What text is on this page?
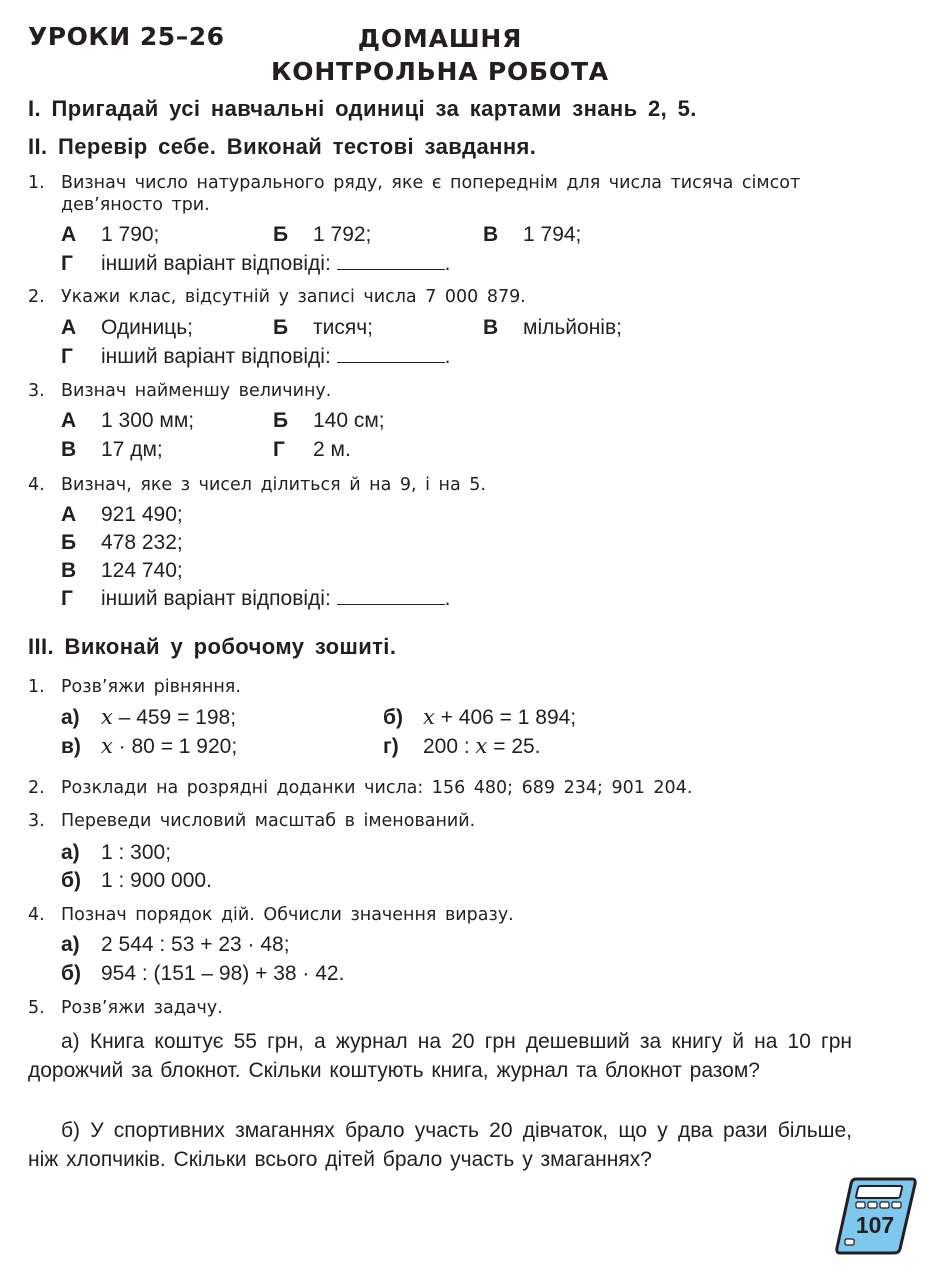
УРОКИ 25–26	ДОМАШНЯ
КОНТРОЛЬНА РОБОТА
I. Пригадай усі навчальні одиниці за картами знань 2, 5.
II. Перевір себе. Виконай тестові завдання.
1. Визнач число натурального ряду, яке є попереднім для числа тисяча сімсот
дев’яносто три.
А 1 790;	Б 1 792;	В 1 794;
Г інший варіант відповіді:	.
2. Укажи клас, відсутній у записі числа 7 000 879.
А Одиниць;	Б тисяч;	В мільйонів;
Г інший варіант відповіді:	.
3. Визнач найменшу величину.
А 1 300 мм;	Б 140 см;
В 17 дм;	Г 2 м.
4. Визнач, яке з чисел ділиться й на 9, і на 5.
А 921 490;
Б 478 232;
В 124 740;
Г інший варіант відповіді:	.
III. Виконай у робочому зошиті.
1. Розв’яжи рівняння.
а) x – 459 = 198;	б) x + 406 = 1 894;
в) x · 80 = 1 920;	г) 200 : x = 25.
2. Розклади на розрядні доданки числа: 156 480; 689 234; 901 204.
3. Переведи числовий масштаб в іменований.
а) 1 : 300;
б) 1 : 900 000.
4. Познач порядок дій. Обчисли значення виразу.
а) 2 544 : 53 + 23 · 48;
б) 954 : (151 – 98) + 38 · 42.
5. Розв’яжи задачу.
а) Книга коштує 55 грн, а журнал на 20 грн дешевший за книгу й на 10 грн дорожчий за блокнот. Скільки коштують книга, журнал та блокнот разом?
б) У спортивних змаганнях брало участь 20 дівчаток, що у два рази більше, ніж хлопчиків. Скільки всього дітей брало участь у змаганнях?
107
